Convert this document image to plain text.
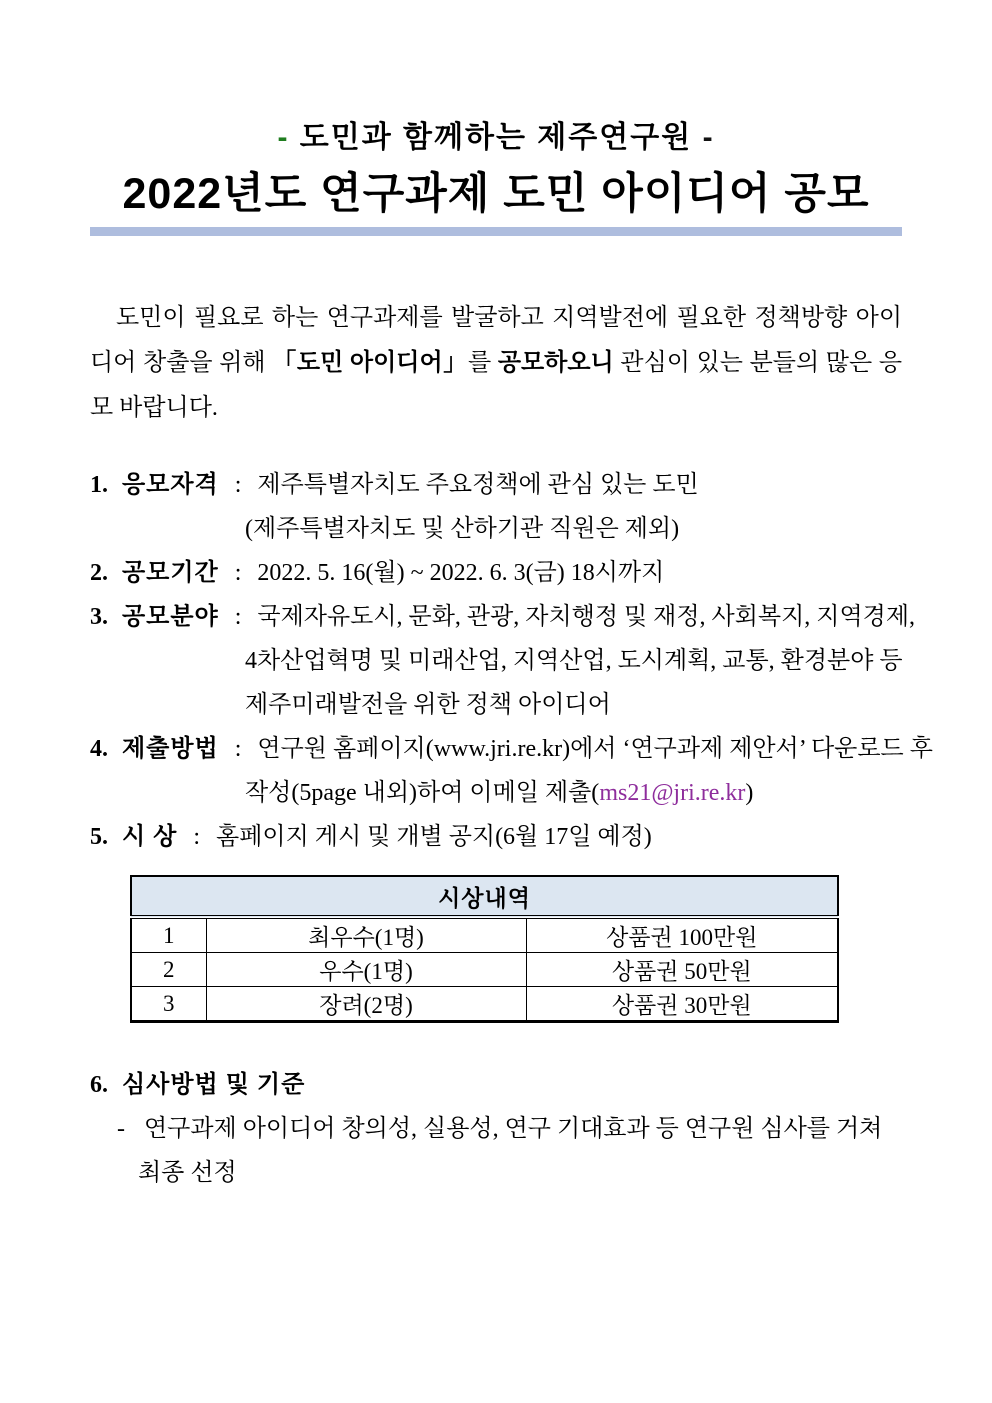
- 도민과 함께하는 제주연구원 -
2022년도 연구과제 도민 아이디어 공모

도민이 필요로 하는 연구과제를 발굴하고 지역발전에 필요한 정책방향 아이디어 창출을 위해 「도민 아이디어」를 공모하오니 관심이 있는 분들의 많은 응모 바랍니다.

1. 응모자격 : 제주특별자치도 주요정책에 관심 있는 도민
(제주특별자치도 및 산하기관 직원은 제외)
2. 공모기간 : 2022. 5. 16(월) ~ 2022. 6. 3(금) 18시까지
3. 공모분야 : 국제자유도시, 문화, 관광, 자치행정 및 재정, 사회복지, 지역경제,
4차산업혁명 및 미래산업, 지역산업, 도시계획, 교통, 환경분야 등
제주미래발전을 위한 정책 아이디어
4. 제출방법 : 연구원 홈페이지(www.jri.re.kr)에서 ‘연구과제 제안서’ 다운로드 후
작성(5page 내외)하여 이메일 제출(ms21@jri.re.kr)
5. 시 상 : 홈페이지 게시 및 개별 공지(6월 17일 예정)
시상내역		
1	최우수(1명)	상품권 100만원
2	우수(1명)	상품권 50만원
3	장려(2명)	상품권 30만원
6. 심사방법 및 기준
- 연구과제 아이디어 창의성, 실용성, 연구 기대효과 등 연구원 심사를 거쳐
최종 선정
